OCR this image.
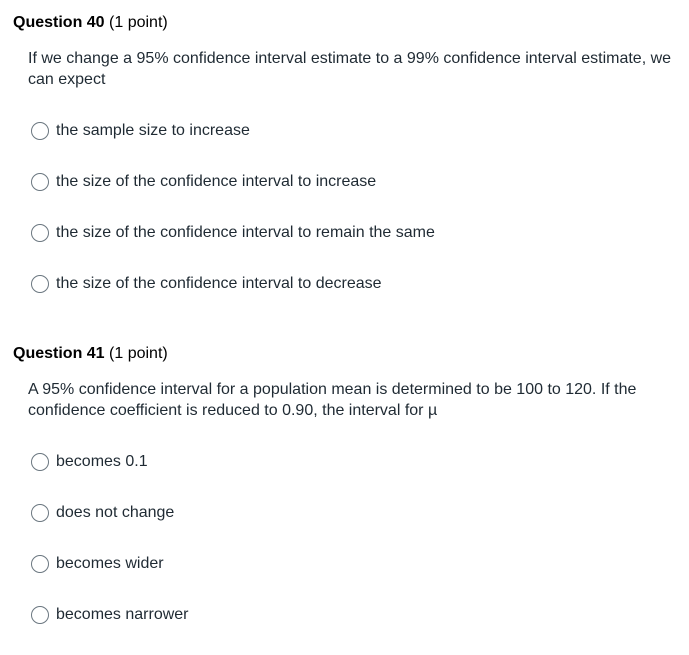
Question 40 (1 point)
If we change a 95% confidence interval estimate to a 99% confidence interval estimate, we can expect
the sample size to increase
the size of the confidence interval to increase
the size of the confidence interval to remain the same
the size of the confidence interval to decrease
Question 41 (1 point)
A 95% confidence interval for a population mean is determined to be 100 to 120. If the confidence coefficient is reduced to 0.90, the interval for µ
becomes 0.1
does not change
becomes wider
becomes narrower
